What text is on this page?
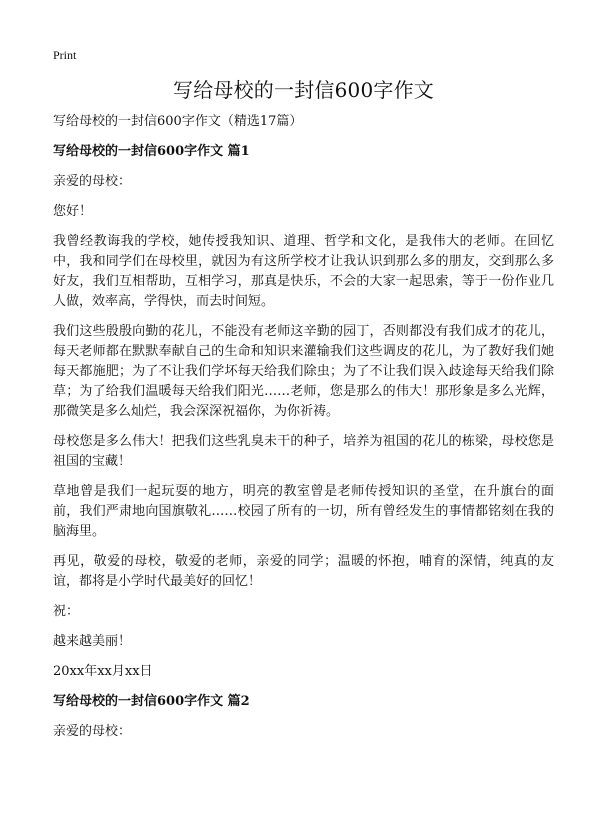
Print
写给母校的一封信600字作文
写给母校的一封信600字作文（精选17篇）
写给母校的一封信600字作文 篇1

亲爱的母校：

您好！

我曾经教诲我的学校，她传授我知识、道理、哲学和文化，是我伟大的老师。在回忆中，我和同学们在母校里，就因为有这所学校才让我认识到那么多的朋友，交到那么多好友，我们互相帮助，互相学习，那真是快乐，不会的大家一起思索，等于一份作业几人做，效率高，学得快，而去时间短。

我们这些殷殷向勤的花儿，不能没有老师这辛勤的园丁，否则都没有我们成才的花儿，每天老师都在默默奉献自己的生命和知识来灌输我们这些调皮的花儿，为了教好我们她每天都施肥；为了不让我们学坏每天给我们除虫；为了不让我们误入歧途每天给我们除草；为了给我们温暖每天给我们阳光……老师，您是那么的伟大！那形象是多么光辉，那微笑是多么灿烂，我会深深祝福你，为你祈祷。

母校您是多么伟大！把我们这些乳臭未干的种子，培养为祖国的花儿的栋梁，母校您是祖国的宝藏！

草地曾是我们一起玩耍的地方，明亮的教室曾是老师传授知识的圣堂，在升旗台的面前，我们严肃地向国旗敬礼……校园了所有的一切，所有曾经发生的事情都铭刻在我的脑海里。

再见，敬爱的母校，敬爱的老师，亲爱的同学；温暖的怀抱，哺育的深情，纯真的友谊，都将是小学时代最美好的回忆！

祝：

越来越美丽！

20xx年xx月xx日

写给母校的一封信600字作文 篇2

亲爱的母校：
